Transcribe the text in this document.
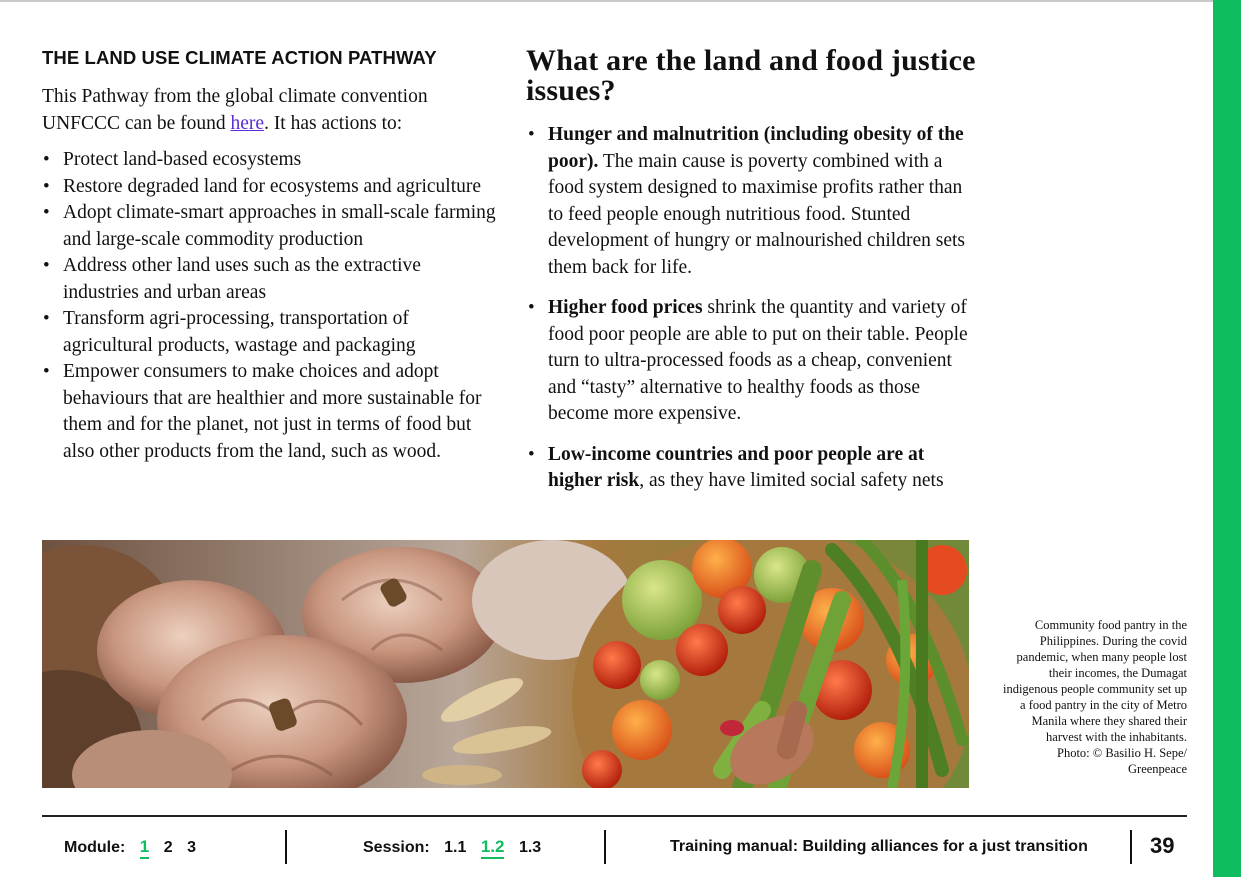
THE LAND USE CLIMATE ACTION PATHWAY

This Pathway from the global climate convention UNFCCC can be found here. It has actions to:

• Protect land-based ecosystems
• Restore degraded land for ecosystems and agriculture
• Adopt climate-smart approaches in small-scale farming and large-scale commodity production
• Address other land uses such as the extractive industries and urban areas
• Transform agri-processing, transportation of agricultural products, wastage and packaging
• Empower consumers to make choices and adopt behaviours that are healthier and more sustainable for them and for the planet, not just in terms of food but also other products from the land, such as wood.
What are the land and food justice issues?
• Hunger and malnutrition (including obesity of the poor). The main cause is poverty combined with a food system designed to maximise profits rather than to feed people enough nutritious food. Stunted development of hungry or malnourished children sets them back for life.
• Higher food prices shrink the quantity and variety of food poor people are able to put on their table. People turn to ultra-processed foods as a cheap, convenient and “tasty” alternative to healthy foods as those become more expensive.
• Low-income countries and poor people are at higher risk, as they have limited social safety nets
Community food pantry in the Philippines. During the covid pandemic, when many people lost their incomes, the Dumagat indigenous people community set up a food pantry in the city of Metro Manila where they shared their harvest with the inhabitants.
Photo: © Basilio H. Sepe/ Greenpeace
Module: 1 2 3	Session: 1.1 1.2 1.3	Training manual: Building alliances for a just transition	39
